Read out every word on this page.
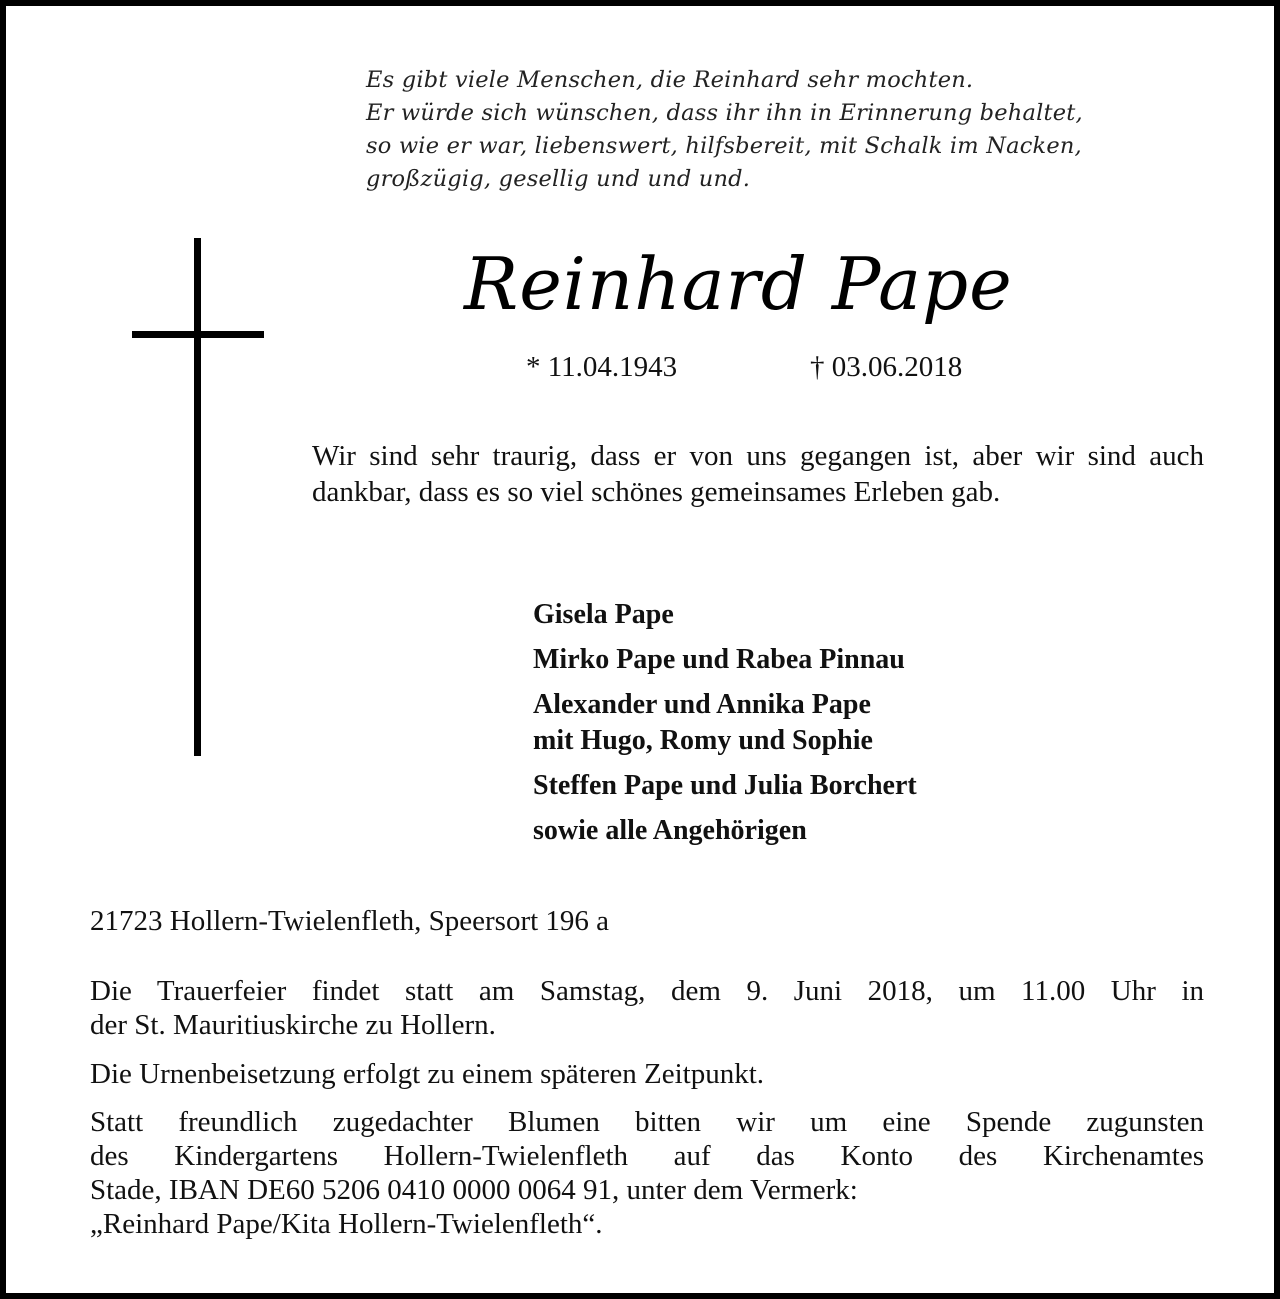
Es gibt viele Menschen, die Reinhard sehr mochten.
Er würde sich wünschen, dass ihr ihn in Erinnerung behaltet,
so wie er war, liebenswert, hilfsbereit, mit Schalk im Nacken,
großzügig, gesellig und und und.
Reinhard Pape
* 11.04.1943	† 03.06.2018
Wir sind sehr traurig, dass er von uns gegangen ist, aber wir sind auch dankbar, dass es so viel schönes gemeinsames Erleben gab.
Gisela Pape
Mirko Pape und Rabea Pinnau
Alexander und Annika Pape
mit Hugo, Romy und Sophie
Steffen Pape und Julia Borchert
sowie alle Angehörigen
21723 Hollern-Twielenfleth, Speersort 196 a
Die Trauerfeier findet statt am Samstag, dem 9. Juni 2018, um 11.00 Uhr in
der St. Mauritiuskirche zu Hollern.
Die Urnenbeisetzung erfolgt zu einem späteren Zeitpunkt.
Statt freundlich zugedachter Blumen bitten wir um eine Spende zugunsten
des Kindergartens Hollern-Twielenfleth auf das Konto des Kirchenamtes
Stade, IBAN DE60 5206 0410 0000 0064 91, unter dem Vermerk:
„Reinhard Pape/Kita Hollern-Twielenfleth“.
